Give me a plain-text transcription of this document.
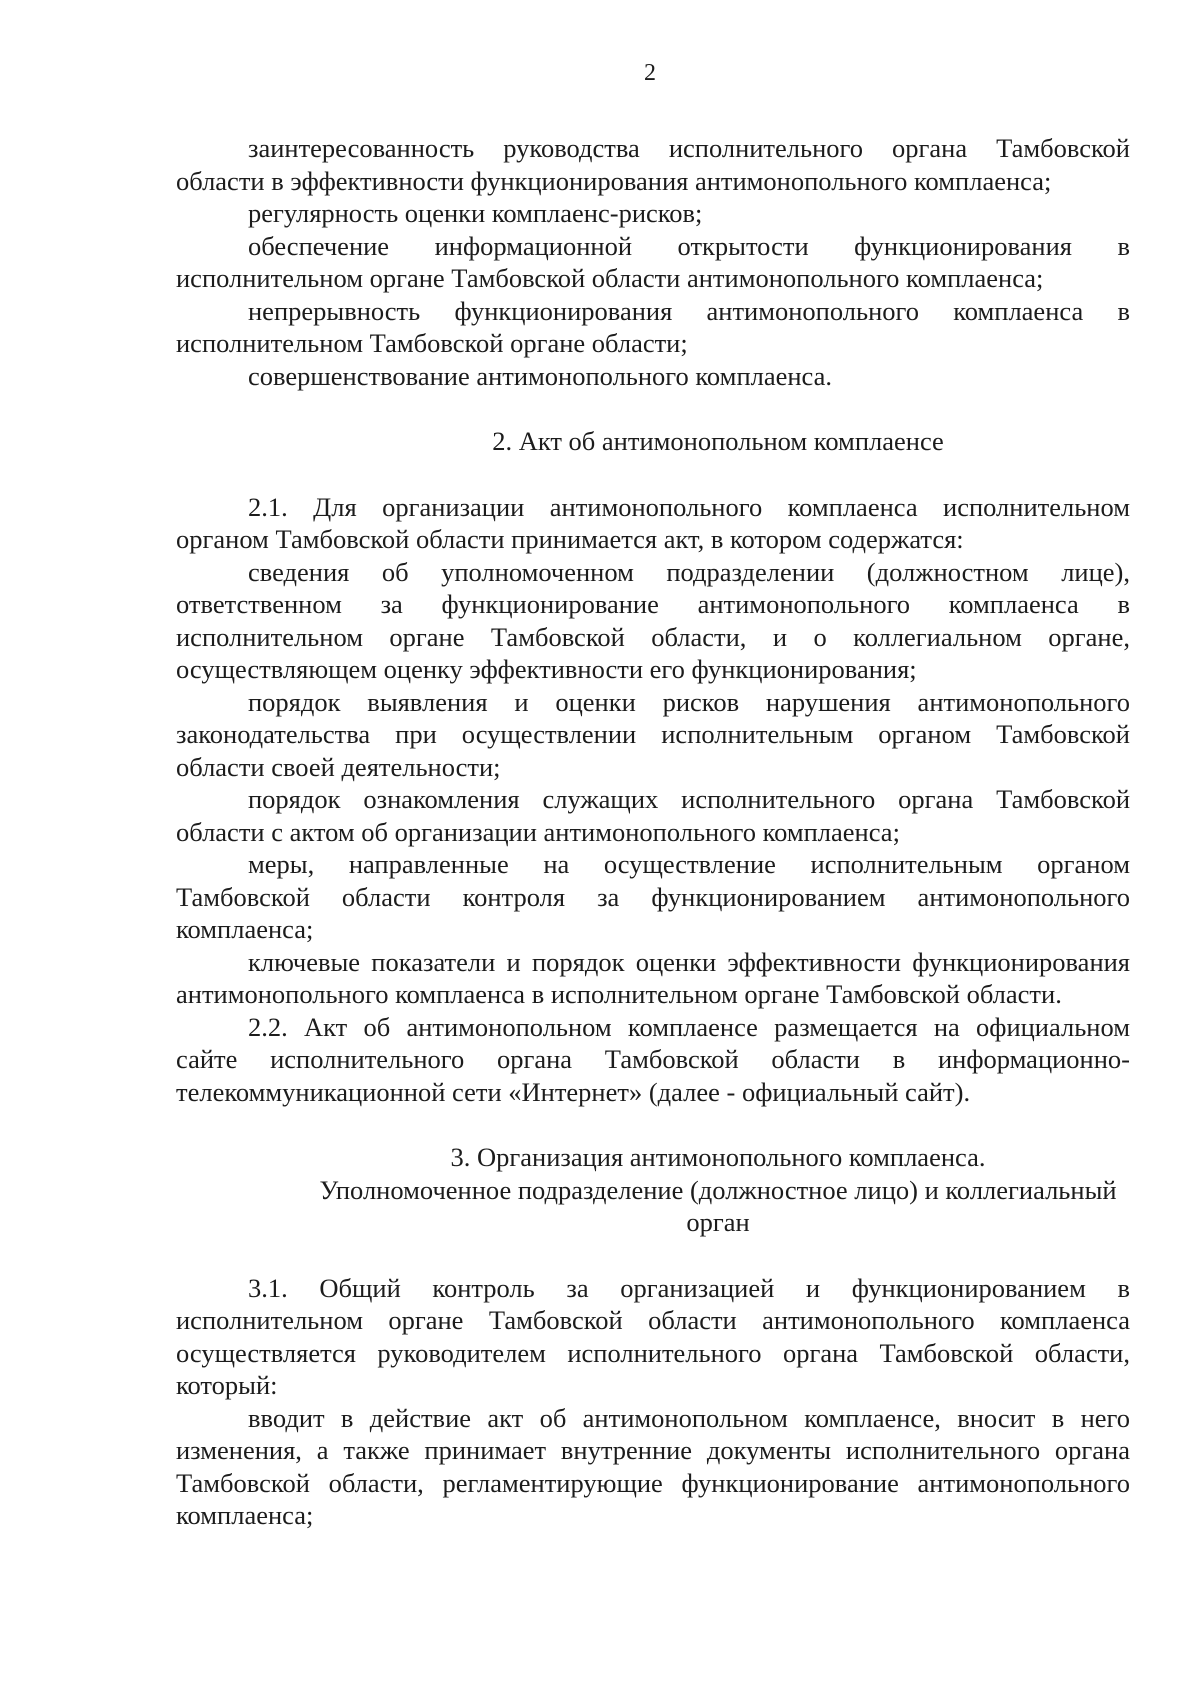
2

заинтересованность руководства исполнительного органа Тамбовской области в эффективности функционирования антимонопольного комплаенса;

регулярность оценки комплаенс-рисков;

обеспечение информационной открытости функционирования в исполнительном органе Тамбовской области антимонопольного комплаенса;

непрерывность функционирования антимонопольного комплаенса в исполнительном Тамбовской органе области;

совершенствование антимонопольного комплаенса.

2. Акт об антимонопольном комплаенсе

2.1. Для организации антимонопольного комплаенса исполнительном органом Тамбовской области принимается акт, в котором содержатся:

сведения об уполномоченном подразделении (должностном лице), ответственном за функционирование антимонопольного комплаенса в исполнительном органе Тамбовской области, и о коллегиальном органе, осуществляющем оценку эффективности его функционирования;

порядок выявления и оценки рисков нарушения антимонопольного законодательства при осуществлении исполнительным органом Тамбовской области своей деятельности;

порядок ознакомления служащих исполнительного органа Тамбовской области с актом об организации антимонопольного комплаенса;

меры, направленные на осуществление исполнительным органом Тамбовской области контроля за функционированием антимонопольного комплаенса;

ключевые показатели и порядок оценки эффективности функционирования антимонопольного комплаенса в исполнительном органе Тамбовской области.

2.2. Акт об антимонопольном комплаенсе размещается на официальном сайте исполнительного органа Тамбовской области в информационно-телекоммуникационной сети «Интернет» (далее - официальный сайт).

3. Организация антимонопольного комплаенса.
Уполномоченное подразделение (должностное лицо) и коллегиальный
орган

3.1. Общий контроль за организацией и функционированием в исполнительном органе Тамбовской области антимонопольного комплаенса осуществляется руководителем исполнительного органа Тамбовской области, который:

вводит в действие акт об антимонопольном комплаенсе, вносит в него изменения, а также принимает внутренние документы исполнительного органа Тамбовской области, регламентирующие функционирование антимонопольного комплаенса;
